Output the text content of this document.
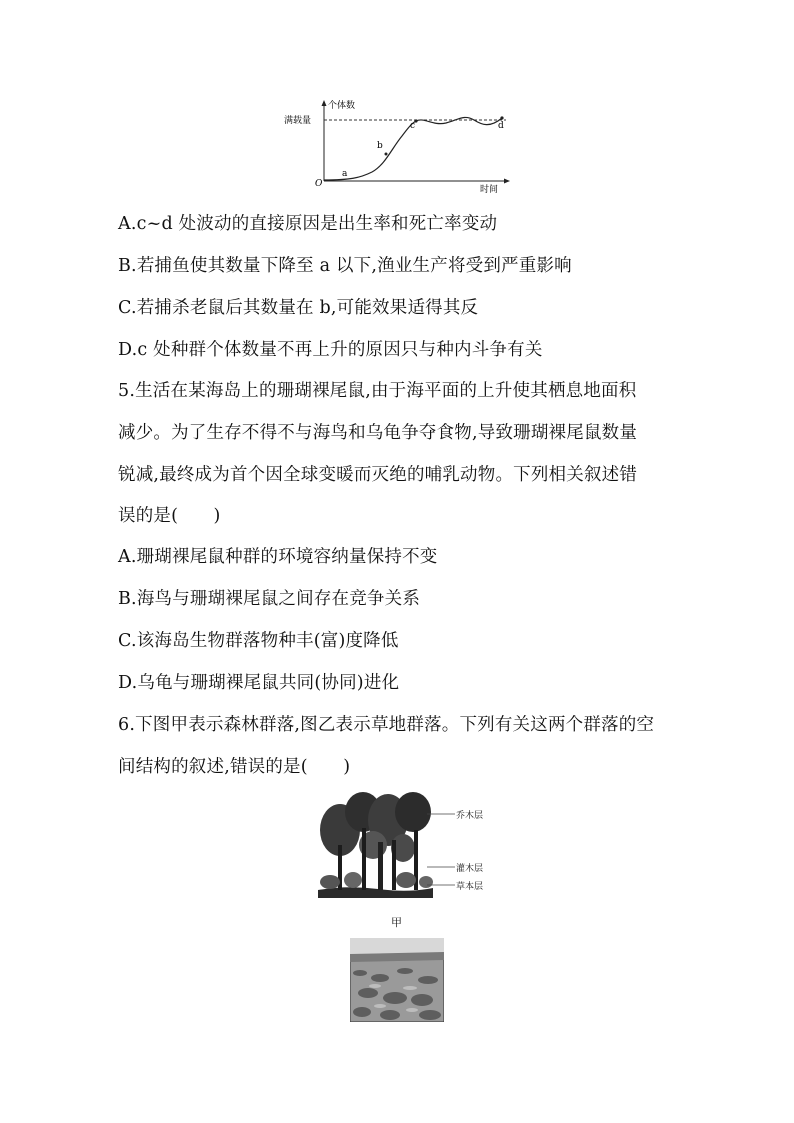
个体数
满载量
时间
O
a
b
c	d
A.c~d 处波动的直接原因是出生率和死亡率变动
B.若捕鱼使其数量下降至 a 以下,渔业生产将受到严重影响
C.若捕杀老鼠后其数量在 b,可能效果适得其反
D.c 处种群个体数量不再上升的原因只与种内斗争有关
5.生活在某海岛上的珊瑚裸尾鼠,由于海平面的上升使其栖息地面积
减少。为了生存不得不与海鸟和乌龟争夺食物,导致珊瑚裸尾鼠数量
锐减,最终成为首个因全球变暖而灭绝的哺乳动物。下列相关叙述错
误的是(　　)
A.珊瑚裸尾鼠种群的环境容纳量保持不变
B.海鸟与珊瑚裸尾鼠之间存在竞争关系
C.该海岛生物群落物种丰(富)度降低
D.乌龟与珊瑚裸尾鼠共同(协同)进化
6.下图甲表示森林群落,图乙表示草地群落。下列有关这两个群落的空
间结构的叙述,错误的是(　　)
乔木层
灌木层
草本层
甲
